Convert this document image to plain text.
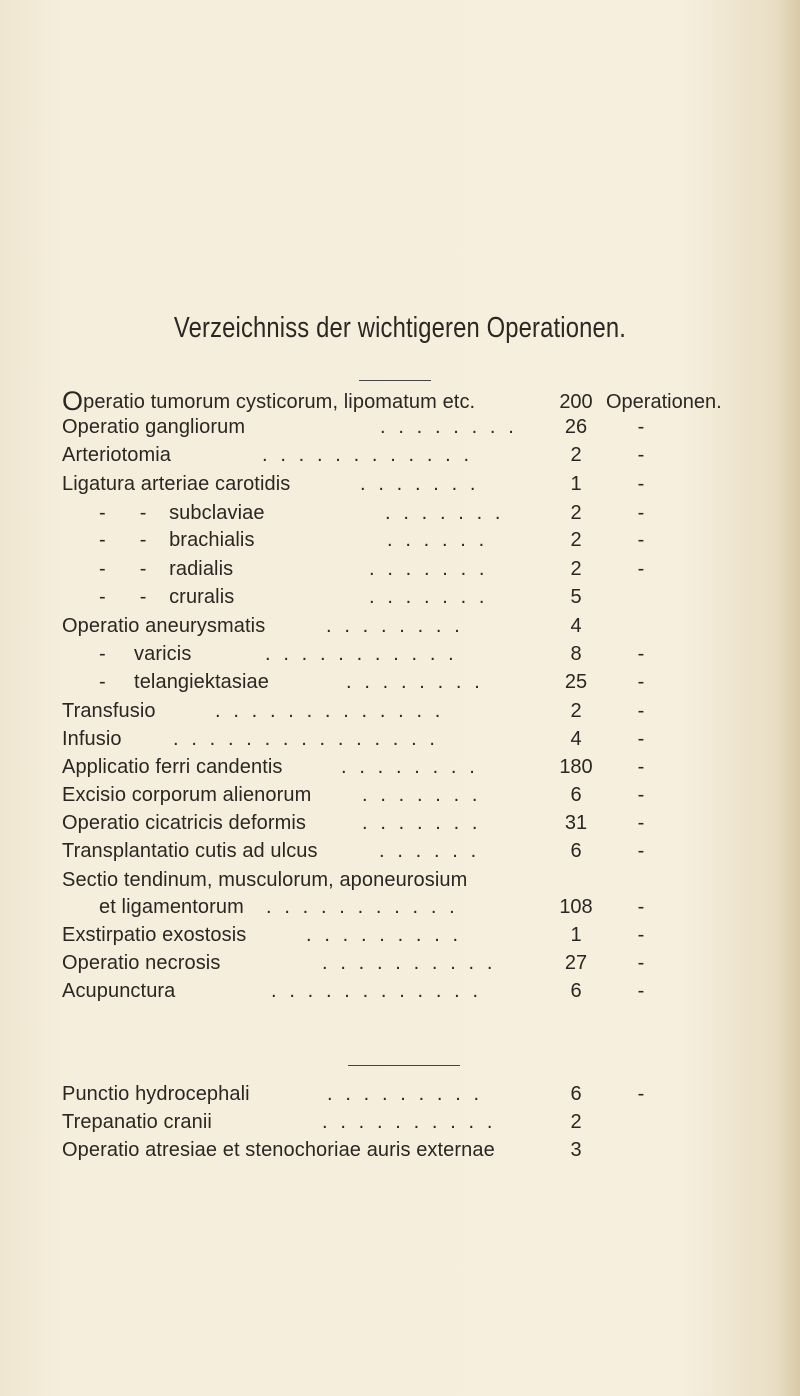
Verzeichniss der wichtigeren Operationen.
Operatio tumorum cysticorum, lipomatum etc.	200 Operationen.
Operatio gangliorum	. . . . . . . .	26	-
Arteriotomia	. . . . . . . . . . . .	2	-
Ligatura arteriae carotidis	. . . . . . .	1	-
-      -    subclaviae	. . . . . . .	2	-
-      -    brachialis	. . . . . .	2	-
-      -    radialis	. . . . . . .	2	-
-      -    cruralis	. . . . . . .	5
Operatio aneurysmatis	. . . . . . . .	4
-     varicis	. . . . . . . . . . .	8	-
-     telangiektasiae	. . . . . . . .	25	-
Transfusio	. . . . . . . . . . . . .	2	-
Infusio	. . . . . . . . . . . . . . .	4	-
Applicatio ferri candentis	. . . . . . . .	180	-
Excisio corporum alienorum	. . . . . . .	6	-
Operatio cicatricis deformis	. . . . . . .	31	-
Transplantatio cutis ad ulcus	. . . . . .	6	-
Sectio tendinum, musculorum, aponeurosium
et ligamentorum . . . . . . . . . . .	108	-
Exstirpatio exostosis	. . . . . . . . .	1	-
Operatio necrosis	. . . . . . . . . .	27	-
Acupunctura	. . . . . . . . . . . .	6	-
Punctio hydrocephali	. . . . . . . . .	6	-
Trepanatio cranii	. . . . . . . . . .	2
Operatio atresiae et stenochoriae auris externae	3
